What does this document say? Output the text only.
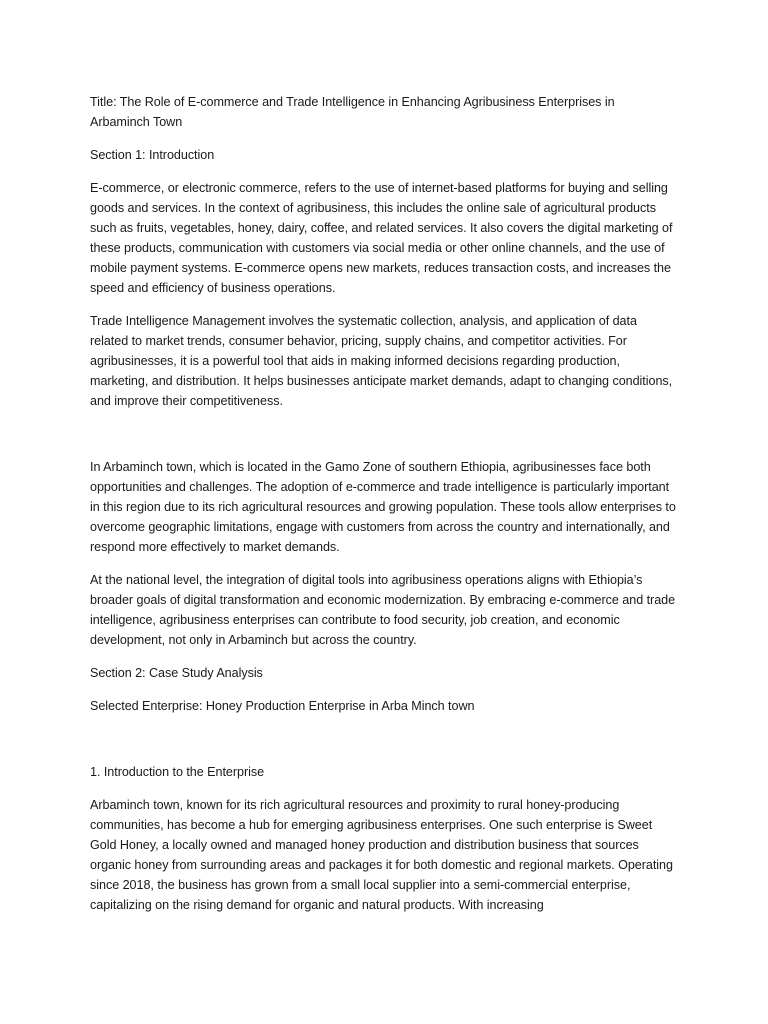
Title: The Role of E-commerce and Trade Intelligence in Enhancing Agribusiness Enterprises in Arbaminch Town

Section 1: Introduction

E-commerce, or electronic commerce, refers to the use of internet-based platforms for buying and selling goods and services. In the context of agribusiness, this includes the online sale of agricultural products such as fruits, vegetables, honey, dairy, coffee, and related services. It also covers the digital marketing of these products, communication with customers via social media or other online channels, and the use of mobile payment systems. E-commerce opens new markets, reduces transaction costs, and increases the speed and efficiency of business operations.

Trade Intelligence Management involves the systematic collection, analysis, and application of data related to market trends, consumer behavior, pricing, supply chains, and competitor activities. For agribusinesses, it is a powerful tool that aids in making informed decisions regarding production, marketing, and distribution. It helps businesses anticipate market demands, adapt to changing conditions, and improve their competitiveness.

In Arbaminch town, which is located in the Gamo Zone of southern Ethiopia, agribusinesses face both opportunities and challenges. The adoption of e-commerce and trade intelligence is particularly important in this region due to its rich agricultural resources and growing population. These tools allow enterprises to overcome geographic limitations, engage with customers from across the country and internationally, and respond more effectively to market demands.

At the national level, the integration of digital tools into agribusiness operations aligns with Ethiopia’s broader goals of digital transformation and economic modernization. By embracing e-commerce and trade intelligence, agribusiness enterprises can contribute to food security, job creation, and economic development, not only in Arbaminch but across the country.

Section 2: Case Study Analysis

Selected Enterprise: Honey Production Enterprise in Arba Minch town

1. Introduction to the Enterprise

Arbaminch town, known for its rich agricultural resources and proximity to rural honey-producing communities, has become a hub for emerging agribusiness enterprises. One such enterprise is Sweet Gold Honey, a locally owned and managed honey production and distribution business that sources organic honey from surrounding areas and packages it for both domestic and regional markets. Operating since 2018, the business has grown from a small local supplier into a semi-commercial enterprise, capitalizing on the rising demand for organic and natural products. With increasing
